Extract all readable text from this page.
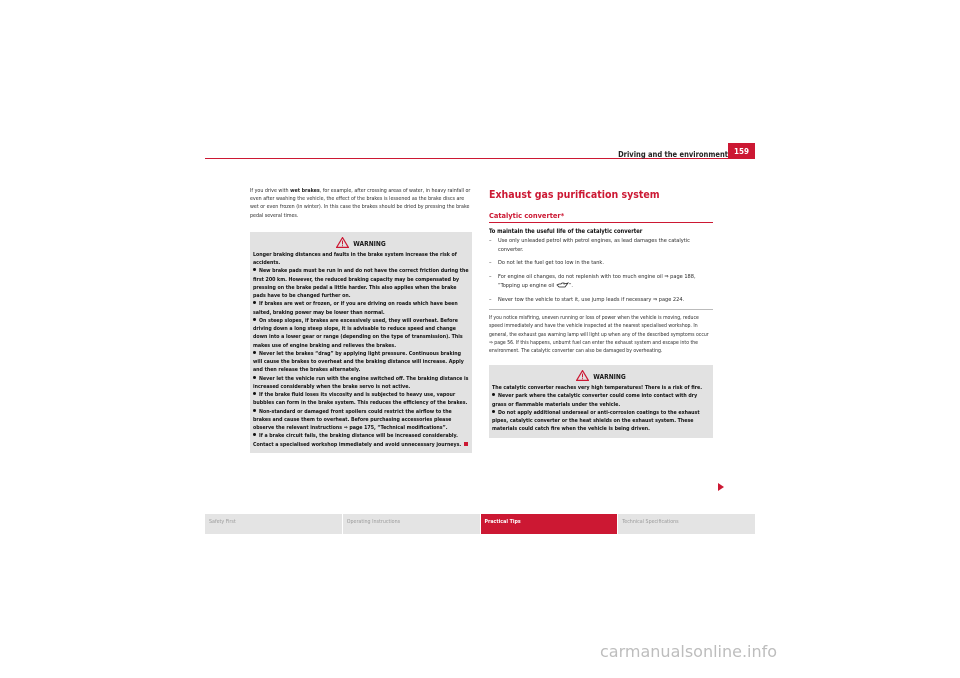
Driving and the environment 159

If you drive with wet brakes, for example, after crossing areas of water, in heavy rainfall or even after washing the vehicle, the effect of the brakes is lessened as the brake discs are wet or even frozen (in winter). In this case the brakes should be dried by pressing the brake pedal several times.

WARNING

Longer braking distances and faults in the brake system increase the risk of accidents.

New brake pads must be run in and do not have the correct friction during the first 200 km. However, the reduced braking capacity may be compensated by pressing on the brake pedal a little harder. This also applies when the brake pads have to be changed further on.

If brakes are wet or frozen, or if you are driving on roads which have been salted, braking power may be lower than normal.

On steep slopes, if brakes are excessively used, they will overheat. Before driving down a long steep slope, it is advisable to reduce speed and change down into a lower gear or range (depending on the type of transmission). This makes use of engine braking and relieves the brakes.

Never let the brakes “drag” by applying light pressure. Continuous braking will cause the brakes to overheat and the braking distance will increase. Apply and then release the brakes alternately.

Never let the vehicle run with the engine switched off. The braking distance is increased considerably when the brake servo is not active.

If the brake fluid loses its viscosity and is subjected to heavy use, vapour bubbles can form in the brake system. This reduces the efficiency of the brakes.

Non-standard or damaged front spoilers could restrict the airflow to the brakes and cause them to overheat. Before purchasing accessories please observe the relevant instructions ⇒ page 175, “Technical modifications”.

If a brake circuit fails, the braking distance will be increased considerably. Contact a specialised workshop immediately and avoid unnecessary journeys.

Exhaust gas purification system
Catalytic converter*

To maintain the useful life of the catalytic converter

– Use only unleaded petrol with petrol engines, as lead damages the catalytic converter.
– Do not let the fuel get too low in the tank.
– For engine oil changes, do not replenish with too much engine oil ⇒ page 188, “Topping up engine oil	”.
– Never tow the vehicle to start it, use jump leads if necessary ⇒ page 224.

If you notice misfiring, uneven running or loss of power when the vehicle is moving, reduce speed immediately and have the vehicle inspected at the nearest specialised workshop. In general, the exhaust gas warning lamp will light up when any of the described symptoms occur ⇒ page 56. If this happens, unburnt fuel can enter the exhaust system and escape into the environment. The catalytic converter can also be damaged by overheating.

WARNING

The catalytic converter reaches very high temperatures! There is a risk of fire.

Never park where the catalytic converter could come into contact with dry grass or flammable materials under the vehicle.

Do not apply additional underseal or anti-corrosion coatings to the exhaust pipes, catalytic converter or the heat shields on the exhaust system. These materials could catch fire when the vehicle is being driven.

Safety First	Operating Instructions	Practical Tips	Technical Specifications
carmanualsonline.info
